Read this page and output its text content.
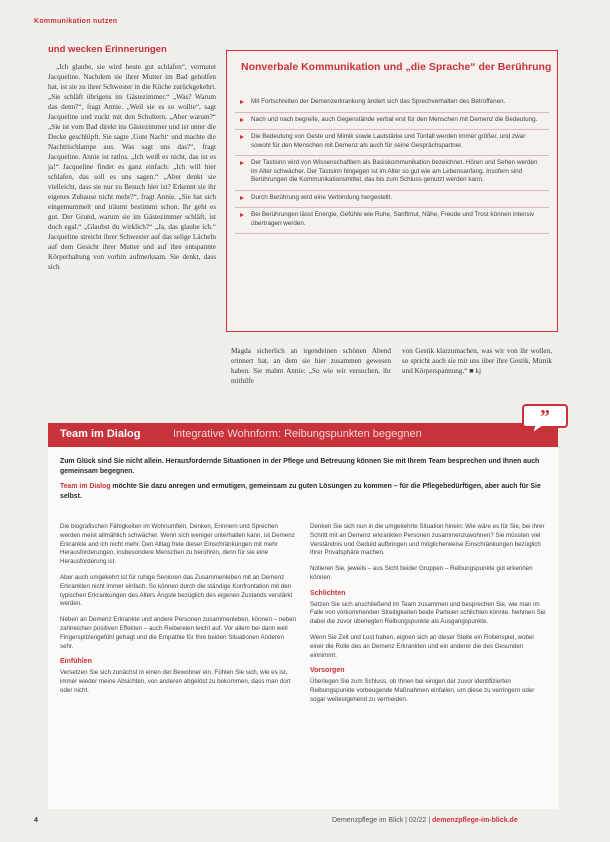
Kommunikation nutzen
und wecken Erinnerungen

„Ich glaube, sie wird heute gut schlafen“, vermutet Jacqueline. Nachdem sie ihrer Mutter im Bad geholfen hat, ist sie zu ihrer Schwester in die Küche zurückgekehrt. „Sie schläft übrigens im Gästezimmer.“ „Was? Warum das denn?“, fragt Annie. „Weil sie es so wollte“, sagt Jacqueline und zuckt mit den Schultern. „Aber warum?“ „Sie ist vom Bad direkt ins Gästezimmer und ist unter die Decke geschlüpft. Sie sagte ‚Gute Nacht‘ und machte die Nachttischlampe aus. Was sagt uns das?“, fragt Jacqueline. Annie ist ratlos. „Ich weiß es nicht, das ist es ja!“ Jacqueline findet es ganz einfach: „Ich will hier schlafen, das soll es uns sagen.“ „Aber denkt sie vielleicht, dass sie nur zu Besuch hier ist? Erkennt sie ihr eigenes Zuhause nicht mehr?“, fragt Annie. „Sie hat sich eingemummelt und träumt bestimmt schon. Ihr geht es gut. Der Grund, warum sie im Gästezimmer schläft, ist doch egal.“ „Glaubst du wirklich?“ „Ja, das glaube ich.“ Jacqueline streicht ihrer Schwester auf das selige Lächeln auf dem Gesicht ihrer Mutter und auf ihre entspannte Körperhaltung von vorhin aufmerksam. Sie denkt, dass sich

Nonverbale Kommunikation und „die Sprache“ der Berührung
Mit Fortschreiten der Demenzerkrankung ändert sich das Sprechverhalten des Betroffenen.
Nach und nach begreife, auch Gegenstände verbal erst für den Menschen mit Demenz die Bedeutung.
Die Bedeutung von Geste und Mimik sowie Lautstärke und Tonfall werden immer größer, und zwar sowohl für den Menschen mit Demenz als auch für seine Gesprächspartner.
Der Tastsinn wird von Wissenschaftlern als Basiskommunikation bezeichnet. Hören und Sehen werden im Alter schwächer. Der Tastsinn hingegen ist im Alter so gut wie am Lebensanfang. Insofern sind Berührungen die Kommunikationsmittel, das bis zum Schluss genutzt werden kann.
Durch Berührung wird eine Verbindung hergestellt.
Bei Berührungen lässt Energie, Gefühle wie Ruhe, Sanftmut, Nähe, Freude und Trost können intensiv übertragen werden.
Magda sicherlich an irgendeinen schönen Abend erinnert hat, an dem sie hier zusammen gewesen haben. Sie mahnt Annie: „So wie wir versuchen, ihr mithilfe
von Gestik klarzumachen, was wir von ihr wollen, so spricht auch sie mit uns über ihre Gestik, Mimik und Körperspannung.“ ■ kj
Team im Dialog	Integrative Wohnform: Reibungspunkten begegnen
”

Zum Glück sind Sie nicht allein. Herausfordernde Situationen in der Pflege und Betreuung können Sie mit Ihrem Team besprechen und Ihnen auch gemeinsam begegnen.

Team im Dialog möchte Sie dazu anregen und ermutigen, gemeinsam zu guten Lösungen zu kommen – für die Pflegebedürftigen, aber auch für Sie selbst.

Die biografischen Fähigkeiten im Wohnumfeln, Denken, Erinnern und Sprechen werden meist allmählich schwächer. Wenn sich weniger unterhalten kann, ist Demenz Erkrankte and ich nicht mehr. Den Alltag freie dieser Einschränkungen mit mehr Herausforderungen, insbesondere Menschen zu berühren, denn für sie eine Herausforderung ist.

Aber auch umgekehrt ist für ruhige Senioren das Zusammenleben mit an Demenz Erkrankten nicht immer einfach. So können durch die ständige Konfrontation mit den typischen Erkrankungen des Alters Ängste bezüglich des eigenen Zustands verstärkt werden.

Neben an Demenz Erkrankte und andere Personen zusammenleben, können – neben zahlreichen positiven Effekten – auch Reibereien leicht auf. Vor allem bei dann weil Fingerspitzengefühl gefragt und die Empathie für Ihre beiden Situationen Anderen sehr.

Einfühlen

Versetzen Sie sich zunächst in einen der Bewohner ein. Fühlen Sie sich, wie es ist, immer wieder meine Absichten, von anderen abgelöst zu bekommen, dass man dort oder nicht.

Denken Sie sich nun in die umgekehrte Situation hinein: Wie wäre es für Sie, bei ihrer Schritt mit an Demenz erkrankten Personen zusammenzuwohnen? Sie müssten viel Verständnis und Geduld aufbringen und möglicherweise Einschränkungen bezüglich Ihrer Privatsphäre machen.

Notieren Sie, jeweils – aus Sicht beider Gruppen – Reibungspunkte gut erkennen können.

Schlichten

Setzen Sie sich anschließend im Team zusammen und besprechen Sie, wie man im Falle von vorkommenden Streitigkeiten beide Parteien schlichten könnte. Nehmen Sie dabei die zuvor überlegten Reibungspunkte als Ausgangspunkte.

Wenn Sie Zeit und Lust haben, eignen sich an dieser Stelle ein Rollenspiel, wobei einer die Rolle des an Demenz Erkrankten und ein anderer die des Gesunden einnimmt.

Vorsorgen

Überlegen Sie zum Schluss, ob Ihnen bei einigen der zuvor identifizierten Reibungspunkte vorbeugende Maßnahmen einfallen, um diese zu verringern oder sogar weitestgehend zu vermeiden.

4	Demenzpflege im Blick | 02/22 | demenzpflege-im-blick.de
